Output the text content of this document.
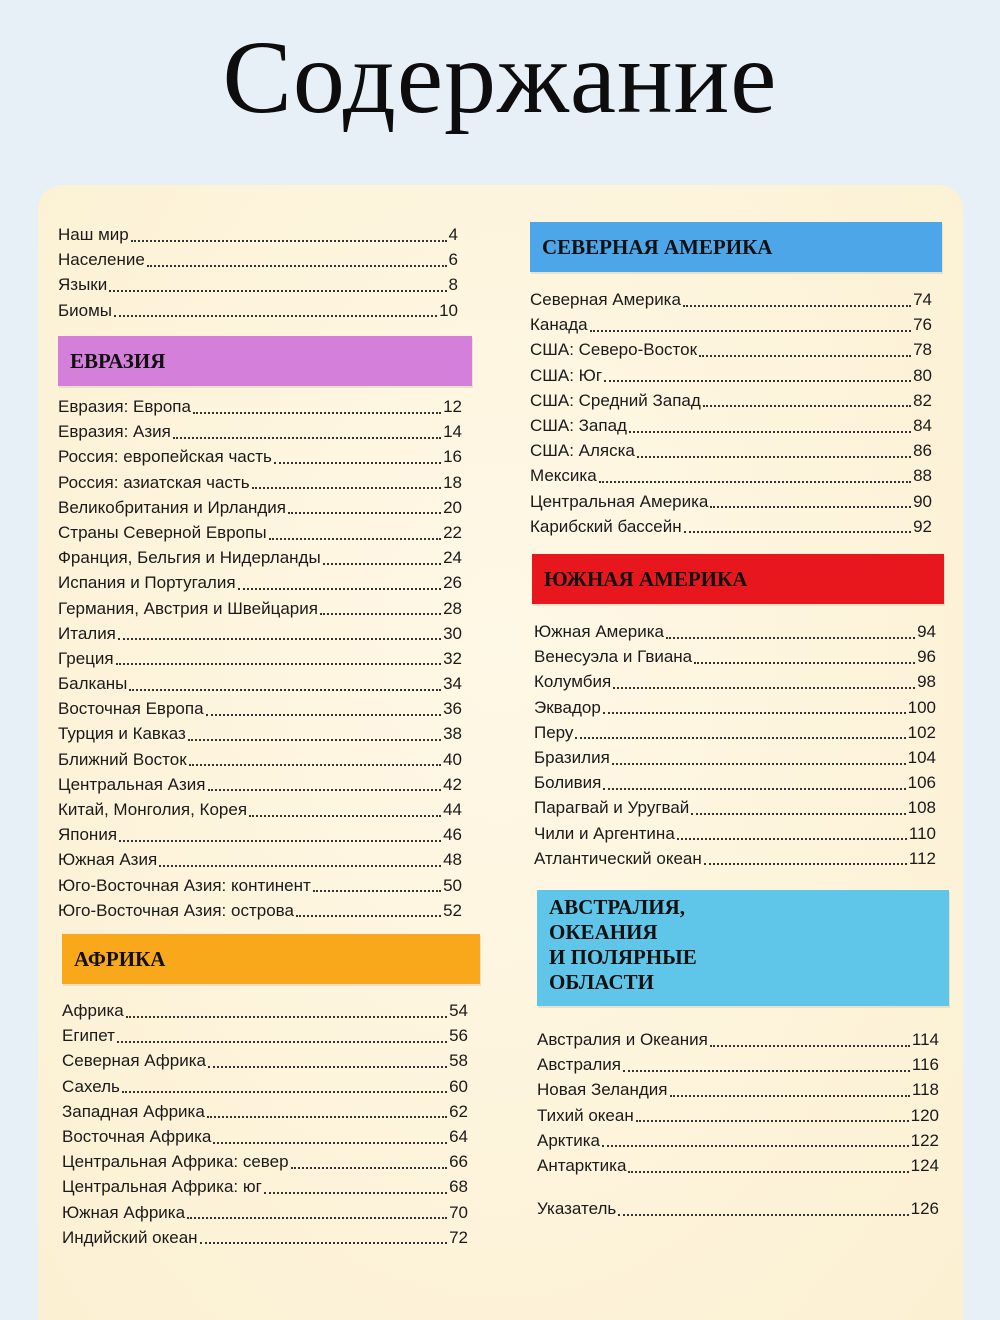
Содержание
Наш мир	4
Население	6
Языки	8
Биомы	10
ЕВРАЗИЯ
Евразия: Европа	12
Евразия: Азия	14
Россия: европейская часть	16
Россия: азиатская часть	18
Великобритания и Ирландия	20
Страны Северной Европы	22
Франция, Бельгия и Нидерланды	24
Испания и Португалия	26
Германия, Австрия и Швейцария	28
Италия	30
Греция	32
Балканы	34
Восточная Европа	36
Турция и Кавказ	38
Ближний Восток	40
Центральная Азия	42
Китай, Монголия, Корея	44
Япония	46
Южная Азия	48
Юго-Восточная Азия: континент	50
Юго-Восточная Азия: острова	52
АФРИКА
Африка	54
Египет	56
Северная Африка	58
Сахель	60
Западная Африка	62
Восточная Африка	64
Центральная Африка: север	66
Центральная Африка: юг	68
Южная Африка	70
Индийский океан	72
СЕВЕРНАЯ АМЕРИКА
Северная Америка	74
Канада	76
США: Северо-Восток	78
США: Юг	80
США: Средний Запад	82
США: Запад	84
США: Аляска	86
Мексика	88
Центральная Америка	90
Карибский бассейн	92
ЮЖНАЯ АМЕРИКА
Южная Америка	94
Венесуэла и Гвиана	96
Колумбия	98
Эквадор	100
Перу	102
Бразилия	104
Боливия	106
Парагвай и Уругвай	108
Чили и Аргентина	110
Атлантический океан	112
АВСТРАЛИЯ,
ОКЕАНИЯ
И ПОЛЯРНЫЕ
ОБЛАСТИ
Австралия и Океания	114
Австралия	116
Новая Зеландия	118
Тихий океан	120
Арктика	122
Антарктика	124
Указатель	126
